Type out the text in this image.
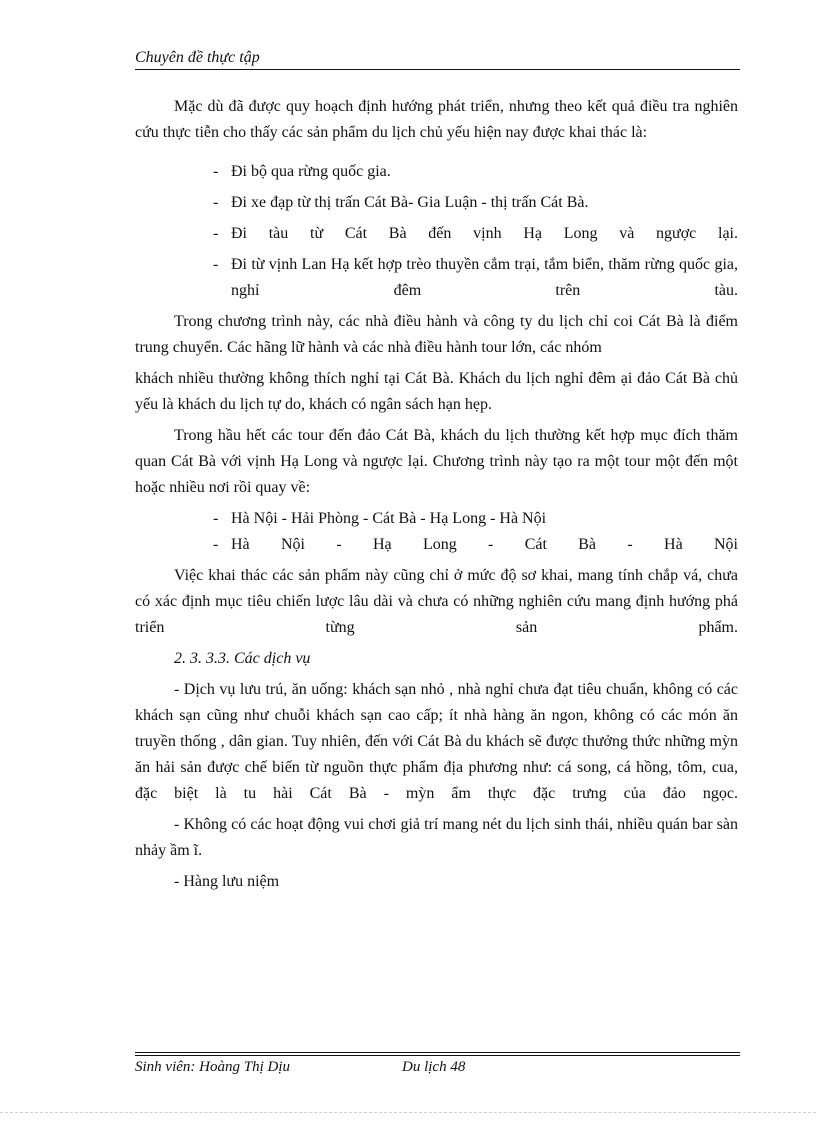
Chuyên đề thực tập

Mặc dù đã được quy hoạch định hướng phát triển, nhưng theo kết quả điều tra nghiên cứu thực tiễn cho thấy các sản phẩm du lịch chủ yếu hiện nay được khai thác là:

- Đi bộ qua rừng quốc gia.

- Đi xe đạp từ thị trấn Cát Bà- Gia Luận - thị trấn Cát Bà.

- Đi tàu từ Cát Bà đến vịnh Hạ Long và ngược lại.

- Đi từ vịnh Lan Hạ kết hợp trèo thuyền cắm trại, tắm biển, thăm rừng quốc gia, nghỉ đêm trên tàu.

Trong chương trình này, các nhà điều hành và công ty du lịch chỉ coi Cát Bà là điểm trung chuyển. Các hãng lữ hành và các nhà điều hành tour lớn, các nhóm

khách nhiều thường không thích nghỉ tại Cát Bà. Khách du lịch nghỉ đêm ại đảo Cát Bà chủ yếu là khách du lịch tự do, khách có ngân sách hạn hẹp.

Trong hầu hết các tour đến đảo Cát Bà, khách du lịch thường kết hợp mục đích thăm quan Cát Bà với vịnh Hạ Long và ngược lại. Chương trình này tạo ra một tour một đến một hoặc nhiều nơi rồi quay về:

- Hà Nội - Hải Phòng - Cát Bà - Hạ Long - Hà Nội

- Hà Nội - Hạ Long - Cát Bà - Hà Nội

Việc khai thác các sản phẩm này cũng chỉ ở mức độ sơ khai, mang tính chắp vá, chưa có xác định mục tiêu chiến lược lâu dài và chưa có những nghiên cứu mang định hướng phá triển từng sản phẩm.

2. 3. 3.3. Các dịch vụ

- Dịch vụ lưu trú, ăn uống: khách sạn nhỏ , nhà nghỉ chưa đạt tiêu chuẩn, không có các khách sạn cũng như chuỗi khách sạn cao cấp; ít nhà hàng ăn ngon, không có các món ăn truyền thống , dân gian. Tuy nhiên, đến với Cát Bà du khách sẽ được thưởng thức những mỳn ăn hải sản được chế biến từ nguồn thực phẩm địa phương như: cá song, cá hồng, tôm, cua, đặc biệt là tu hài Cát Bà - mỳn ẩm thực đặc trưng của đảo ngọc.

- Không có các hoạt động vui chơi giả trí mang nét du lịch sinh thái, nhiều quán bar sàn nhảy ầm ĩ.

- Hàng lưu niệm

Sinh viên: Hoàng Thị Dịu	Du lịch 48
